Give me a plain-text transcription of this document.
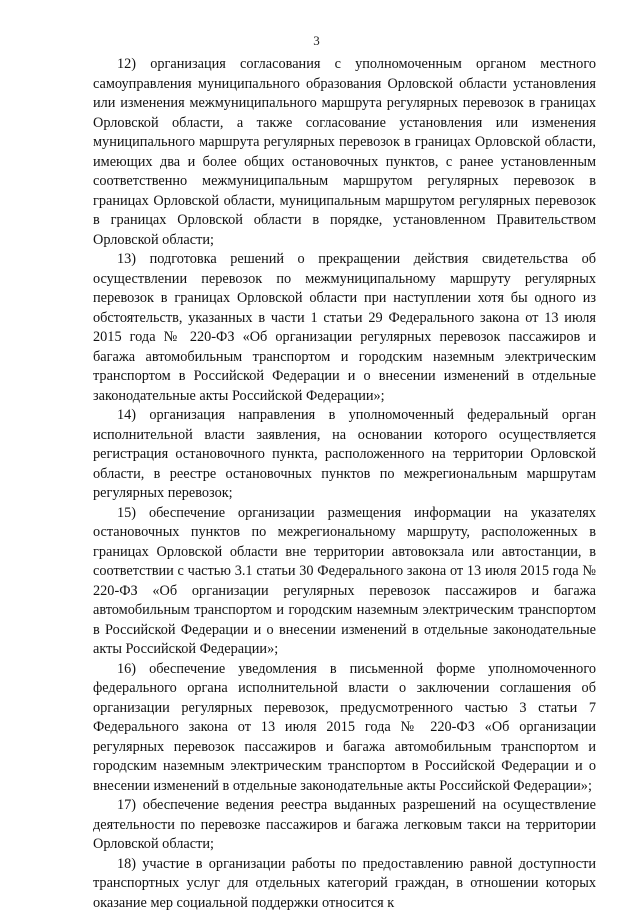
3

12) организация согласования с уполномоченным органом местного самоуправления муниципального образования Орловской области установления или изменения межмуниципального маршрута регулярных перевозок в границах Орловской области, а также согласование установления или изменения муниципального маршрута регулярных перевозок в границах Орловской области, имеющих два и более общих остановочных пунктов, с ранее установленным соответственно межмуниципальным маршрутом регулярных перевозок в границах Орловской области, муниципальным маршрутом регулярных перевозок в границах Орловской области в порядке, установленном Правительством Орловской области;

13) подготовка решений о прекращении действия свидетельства об осуществлении перевозок по межмуниципальному маршруту регулярных перевозок в границах Орловской области при наступлении хотя бы одного из обстоятельств, указанных в части 1 статьи 29 Федерального закона от 13 июля 2015 года № 220-ФЗ «Об организации регулярных перевозок пассажиров и багажа автомобильным транспортом и городским наземным электрическим транспортом в Российской Федерации и о внесении изменений в отдельные законодательные акты Российской Федерации»;

14) организация направления в уполномоченный федеральный орган исполнительной власти заявления, на основании которого осуществляется регистрация остановочного пункта, расположенного на территории Орловской области, в реестре остановочных пунктов по межрегиональным маршрутам регулярных перевозок;

15) обеспечение организации размещения информации на указателях остановочных пунктов по межрегиональному маршруту, расположенных в границах Орловской области вне территории автовокзала или автостанции, в соответствии с частью 3.1 статьи 30 Федерального закона от 13 июля 2015 года № 220-ФЗ «Об организации регулярных перевозок пассажиров и багажа автомобильным транспортом и городским наземным электрическим транспортом в Российской Федерации и о внесении изменений в отдельные законодательные акты Российской Федерации»;

16) обеспечение уведомления в письменной форме уполномоченного федерального органа исполнительной власти о заключении соглашения об организации регулярных перевозок, предусмотренного частью 3 статьи 7 Федерального закона от 13 июля 2015 года № 220-ФЗ «Об организации регулярных перевозок пассажиров и багажа автомобильным транспортом и городским наземным электрическим транспортом в Российской Федерации и о внесении изменений в отдельные законодательные акты Российской Федерации»;

17) обеспечение ведения реестра выданных разрешений на осуществление деятельности по перевозке пассажиров и багажа легковым такси на территории Орловской области;

18) участие в организации работы по предоставлению равной доступности транспортных услуг для отдельных категорий граждан, в отношении которых оказание мер социальной поддержки относится к
